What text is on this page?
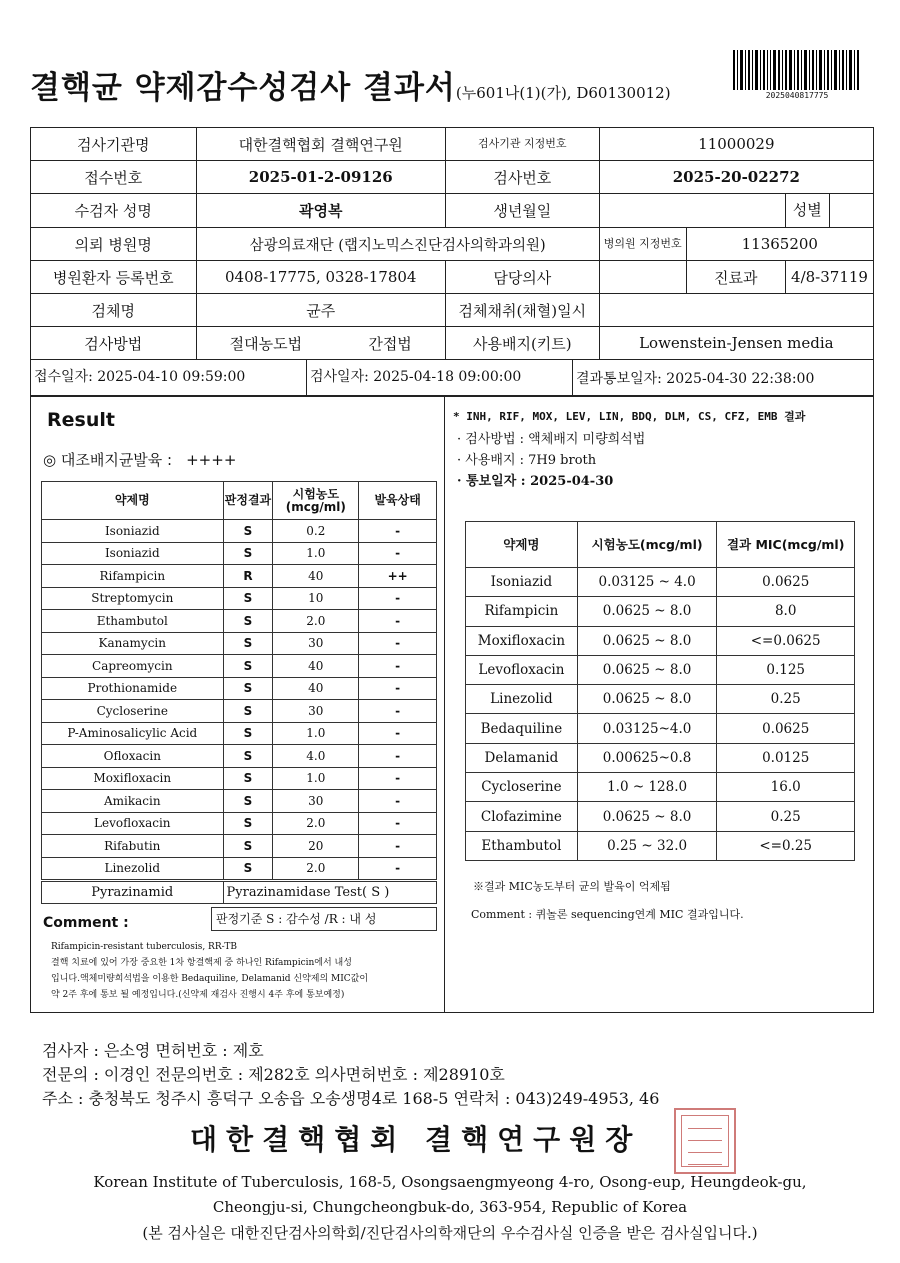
결핵균 약제감수성검사 결과서(누601나(1)(가), D60130012)	2025040817775
검사기관명	대한결핵협회 결핵연구원	검사기관 지정번호	11000029		
접수번호	2025-01-2-09126	검사번호	2025-20-02272		
수검자 성명	곽영복	생년월일			성별

의뢰 병원명	삼광의료재단 (랩지노믹스진단검사의학과의원)		병의원 지정번호	11365200	
병원환자 등록번호	0408-17775, 0328-17804	담당의사		진료과	4/8-37119
검체명	균주	검체채취(채혈)일시			
검사방법	절대농도법 간접법	사용배지(키트)	Lowenstein-Jensen media		

접수일자: 2025-04-10 09:59:00 검사일자: 2025-04-18 09:00:00 결과통보일자: 2025-04-30 22:38:00					
Result
◎ 대조배지균발육 : ++++
약제명	판정결과	시험농도(mcg/ml)	발육상태
Isoniazid	S	0.2	-
Isoniazid	S	1.0	-
Rifampicin	R	40	++
Streptomycin	S	10	-
Ethambutol	S	2.0	-
Kanamycin	S	30	-
Capreomycin	S	40	-
Prothionamide	S	40	-
Cycloserine	S	30	-
P-Aminosalicylic Acid	S	1.0	-
Ofloxacin	S	4.0	-
Moxifloxacin	S	1.0	-
Amikacin	S	30	-
Levofloxacin	S	2.0	-
Rifabutin	S	20	-
Linezolid	S	2.0	-
Pyrazinamid	Pyrazinamidase Test( S )
Comment :	판정기준 S : 감수성 /R : 내 성
Rifampicin-resistant tuberculosis, RR-TB
결핵 치료에 있어 가장 중요한 1차 항결핵제 중 하나인 Rifampicin에서 내성
입니다.액체미량희석법을 이용한 Bedaquiline, Delamanid 신약제의 MIC값이
약 2주 후에 통보 될 예정입니다.(신약제 재검사 진행시 4주 후에 통보예정)
* INH, RIF, MOX, LEV, LIN, BDQ, DLM, CS, CFZ, EMB 결과
· 검사방법 : 액체배지 미량희석법
· 사용배지 : 7H9 broth
· 통보일자 : 2025-04-30
약제명	시험농도(mcg/ml)	결과 MIC(mcg/ml)
Isoniazid	0.03125 ~ 4.0	0.0625
Rifampicin	0.0625 ~ 8.0	8.0
Moxifloxacin	0.0625 ~ 8.0	<=0.0625
Levofloxacin	0.0625 ~ 8.0	0.125
Linezolid	0.0625 ~ 8.0	0.25
Bedaquiline	0.03125~4.0	0.0625
Delamanid	0.00625~0.8	0.0125
Cycloserine	1.0 ~ 128.0	16.0
Clofazimine	0.0625 ~ 8.0	0.25
Ethambutol	0.25 ~ 32.0	<=0.25
※결과 MIC농도부터 균의 발육이 억제됨
Comment : 퀴놀론 sequencing연계 MIC 결과입니다.
검사자 : 은소영 면허번호 : 제호
전문의 : 이경인 전문의번호 : 제282호 의사면허번호 : 제28910호
주소 : 충청북도 청주시 흥덕구 오송읍 오송생명4로 168-5 연락처 : 043)249-4953, 46
대한결핵협회 결핵연구원장
Korean Institute of Tuberculosis, 168-5, Osongsaengmyeong 4-ro, Osong-eup, Heungdeok-gu,
Cheongju-si, Chungcheongbuk-do, 363-954, Republic of Korea
(본 검사실은 대한진단검사의학회/진단검사의학재단의 우수검사실 인증을 받은 검사실입니다.)
